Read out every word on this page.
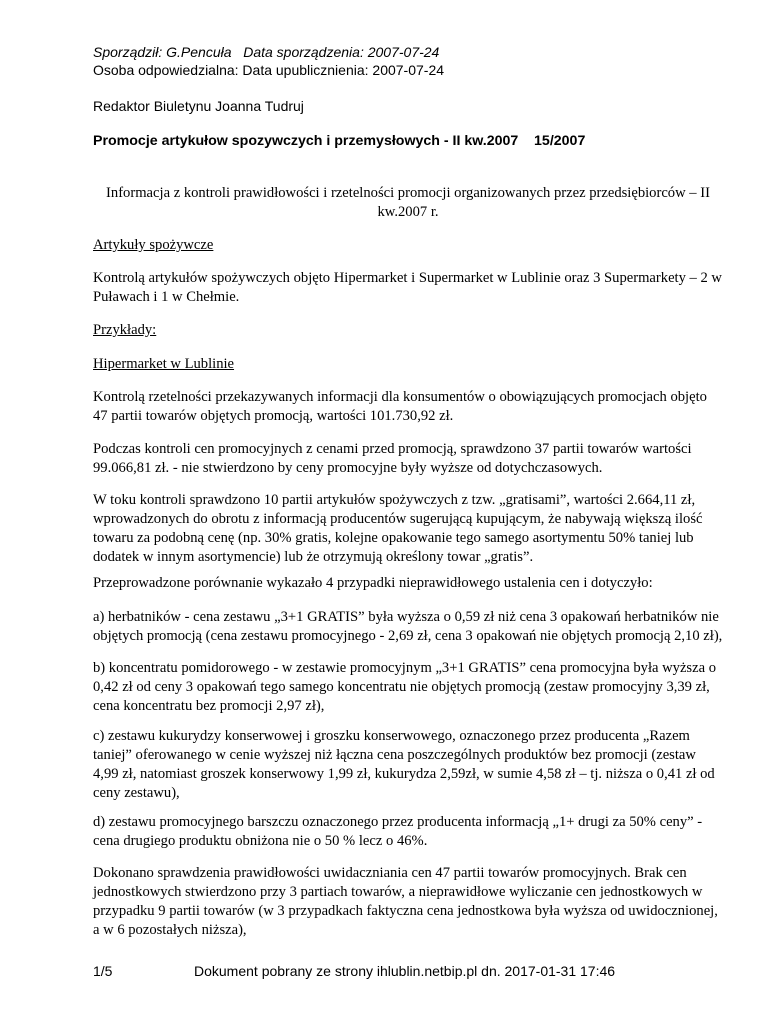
Sporządził: G.Pencuła Data sporządzenia: 2007-07-24
Osoba odpowiedzialna: Data upublicznienia: 2007-07-24
Redaktor Biuletynu Joanna Tudruj
Promocje artykułow spozywczych i przemysłowych - II kw.2007 15/2007
Informacja z kontroli prawidłowości i rzetelności promocji organizowanych przez przedsiębiorców – II
kw.2007 r.
Artykuły spożywcze
Kontrolą artykułów spożywczych objęto Hipermarket i Supermarket w Lublinie oraz 3 Supermarkety – 2 w Puławach i 1 w Chełmie.
Przykłady:
Hipermarket w Lublinie
Kontrolą rzetelności przekazywanych informacji dla konsumentów o obowiązujących promocjach objęto 47 partii towarów objętych promocją, wartości 101.730,92 zł.
Podczas kontroli cen promocyjnych z cenami przed promocją, sprawdzono 37 partii towarów wartości 99.066,81 zł. - nie stwierdzono by ceny promocyjne były wyższe od dotychczasowych.
W toku kontroli sprawdzono 10 partii artykułów spożywczych z tzw. „gratisami”, wartości 2.664,11 zł, wprowadzonych do obrotu z informacją producentów sugerującą kupującym, że nabywają większą ilość towaru za podobną cenę (np. 30% gratis, kolejne opakowanie tego samego asortymentu 50% taniej lub dodatek w innym asortymencie) lub że otrzymują określony towar „gratis”.
Przeprowadzone porównanie wykazało 4 przypadki nieprawidłowego ustalenia cen i dotyczyło:
a) herbatników - cena zestawu „3+1 GRATIS” była wyższa o 0,59 zł niż cena 3 opakowań herbatników nie objętych promocją (cena zestawu promocyjnego - 2,69 zł, cena 3 opakowań nie objętych promocją 2,10 zł),
b) koncentratu pomidorowego - w zestawie promocyjnym „3+1 GRATIS” cena promocyjna była wyższa o 0,42 zł od ceny 3 opakowań tego samego koncentratu nie objętych promocją (zestaw promocyjny 3,39 zł, cena koncentratu bez promocji 2,97 zł),
c) zestawu kukurydzy konserwowej i groszku konserwowego, oznaczonego przez producenta „Razem taniej” oferowanego w cenie wyższej niż łączna cena poszczególnych produktów bez promocji (zestaw 4,99 zł, natomiast groszek konserwowy 1,99 zł, kukurydza 2,59zł, w sumie 4,58 zł – tj. niższa o 0,41 zł od ceny zestawu),
d) zestawu promocyjnego barszczu oznaczonego przez producenta informacją „1+ drugi za 50% ceny” - cena drugiego produktu obniżona nie o 50 % lecz o 46%.
Dokonano sprawdzenia prawidłowości uwidaczniania cen 47 partii towarów promocyjnych. Brak cen jednostkowych stwierdzono przy 3 partiach towarów, a nieprawidłowe wyliczanie cen jednostkowych w przypadku 9 partii towarów (w 3 przypadkach faktyczna cena jednostkowa była wyższa od uwidocznionej, a w 6 pozostałych niższa),
1/5	Dokument pobrany ze strony ihlublin.netbip.pl dn. 2017-01-31 17:46
